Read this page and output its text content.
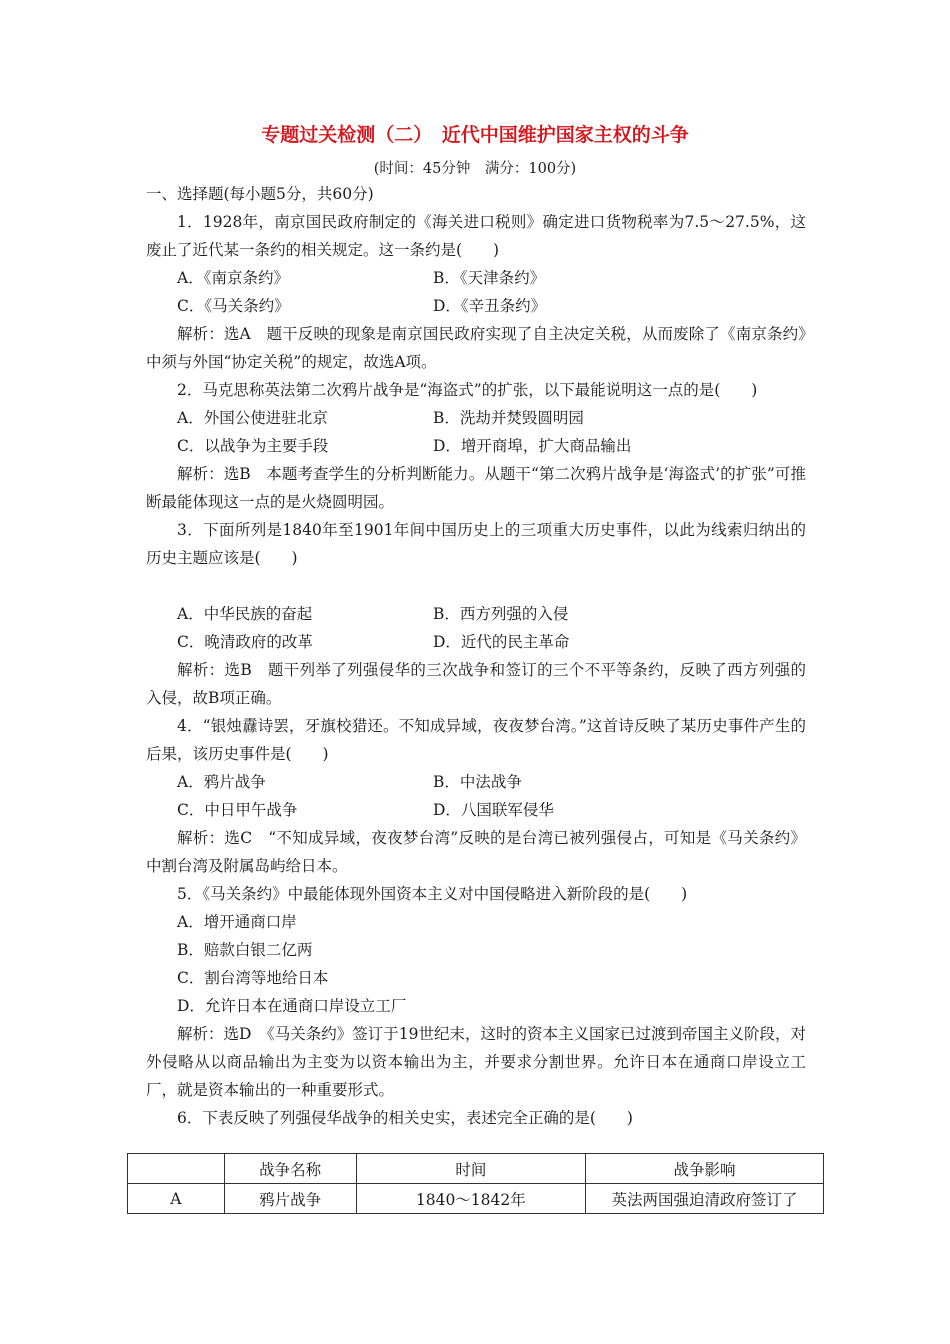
专题过关检测（二）　近代中国维护国家主权的斗争
(时间：45分钟　满分：100分)
一、选择题(每小题5分，共60分)
1．1928年，南京国民政府制定的《海关进口税则》确定进口货物税率为7.5～27.5%，这废止了近代某一条约的相关规定。这一条约是(　　)
A．《南京条约》	B．《天津条约》
C．《马关条约》	D．《辛丑条约》
解析：选A　题干反映的现象是南京国民政府实现了自主决定关税，从而废除了《南京条约》中须与外国“协定关税”的规定，故选A项。
2．马克思称英法第二次鸦片战争是“海盗式”的扩张，以下最能说明这一点的是(　　)
A．外国公使进驻北京	B．洗劫并焚毁圆明园
C．以战争为主要手段	D．增开商埠，扩大商品输出
解析：选B　本题考查学生的分析判断能力。从题干“第二次鸦片战争是‘海盗式’的扩张”可推断最能体现这一点的是火烧圆明园。
3．下面所列是1840年至1901年间中国历史上的三项重大历史事件，以此为线索归纳出的历史主题应该是(　　)
A．中华民族的奋起	B．西方列强的入侵
C．晚清政府的改革	D．近代的民主革命
解析：选B　题干列举了列强侵华的三次战争和签订的三个不平等条约，反映了西方列强的入侵，故B项正确。
4．“银烛纛诗罢，牙旗校猎还。不知成异域，夜夜梦台湾。”这首诗反映了某历史事件产生的后果，该历史事件是(　　)
A．鸦片战争	B．中法战争
C．中日甲午战争	D．八国联军侵华
解析：选C　“不知成异域，夜夜梦台湾”反映的是台湾已被列强侵占，可知是《马关条约》中割台湾及附属岛屿给日本。
5．《马关条约》中最能体现外国资本主义对中国侵略进入新阶段的是(　　)
A．增开通商口岸
B．赔款白银二亿两
C．割台湾等地给日本
D．允许日本在通商口岸设立工厂
解析：选D　《马关条约》签订于19世纪末，这时的资本主义国家已过渡到帝国主义阶段，对外侵略从以商品输出为主变为以资本输出为主，并要求分割世界。允许日本在通商口岸设立工厂，就是资本输出的一种重要形式。
6．下表反映了列强侵华战争的相关史实，表述完全正确的是(　　)
	战争名称	时间	战争影响
A	鸦片战争	1840～1842年	英法两国强迫清政府签订了
